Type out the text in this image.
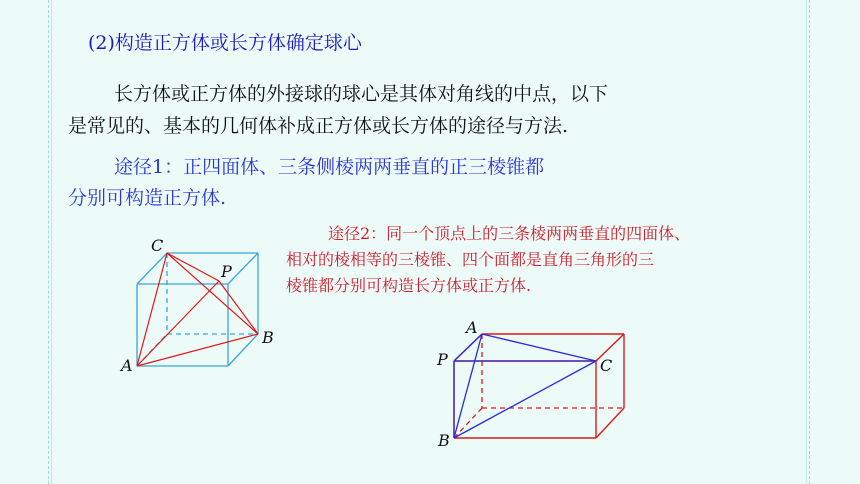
(2)构造正方体或长方体确定球心
长方体或正方体的外接球的球心是其体对角线的中点，以下
是常见的、基本的几何体补成正方体或长方体的途径与方法.
途径1：正四面体、三条侧棱两两垂直的正三棱锥都
分别可构造正方体.
途径2：同一个顶点上的三条棱两两垂直的四面体、
相对的棱相等的三棱锥、四个面都是直角三角形的三
棱锥都分别可构造长方体或正方体.
C
P
A
B
A
P	C
B
